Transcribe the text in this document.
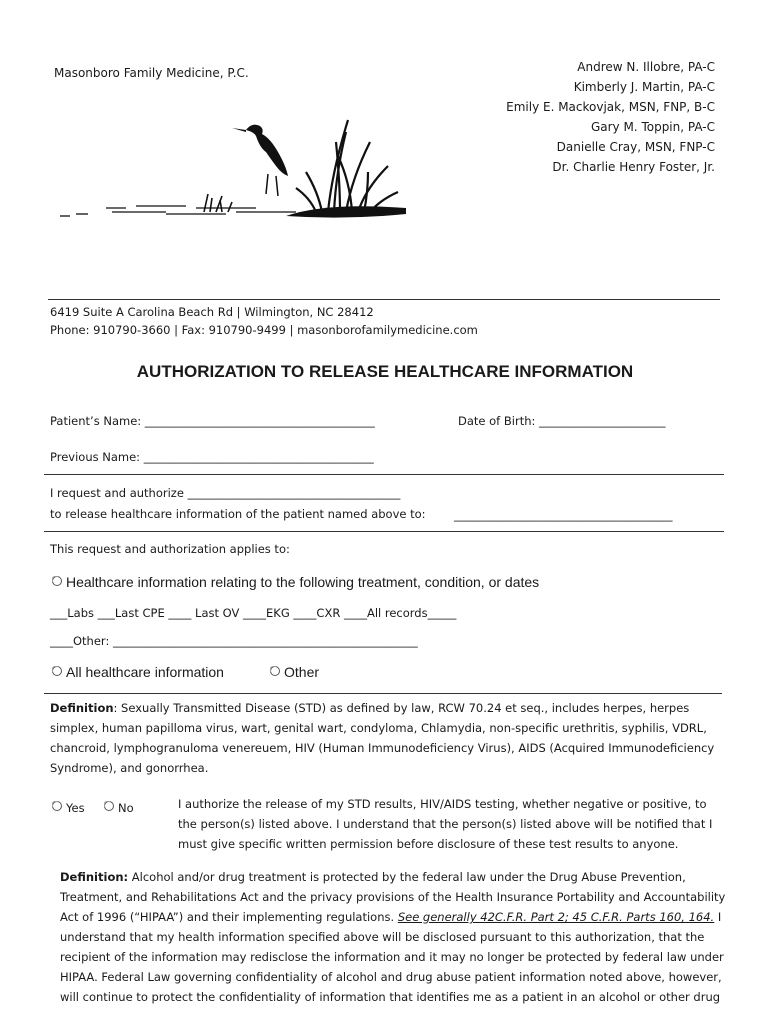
Masonboro Family Medicine, P.C.	Andrew N. Illobre, PA-C
Kimberly J. Martin, PA-C
Emily E. Mackovjak, MSN, FNP, B-C
Gary M. Toppin, PA-C
Danielle Cray, MSN, FNP-C
Dr. Charlie Henry Foster, Jr.
6419 Suite A Carolina Beach Rd | Wilmington, NC 28412
Phone: 910790-3660 | Fax: 910790-9499 | masonborofamilymedicine.com
AUTHORIZATION TO RELEASE HEALTHCARE INFORMATION
Patient’s Name: ________________________________________	Date of Birth: ______________________
Previous Name: ________________________________________
I request and authorize _____________________________________
to release healthcare information of the patient named above to: ______________________________________
This request and authorization applies to:
Healthcare information relating to the following treatment, condition, or dates
___Labs ___Last CPE ____ Last OV ____EKG ____CXR ____All records_____
____Other: _____________________________________________________
All healthcare information	Other
Definition: Sexually Transmitted Disease (STD) as defined by law, RCW 70.24 et seq., includes herpes, herpes simplex, human papilloma virus, wart, genital wart, condyloma, Chlamydia, non-specific urethritis, syphilis, VDRL, chancroid, lymphogranuloma venereuem, HIV (Human Immunodeficiency Virus), AIDS (Acquired Immunodeficiency Syndrome), and gonorrhea.
Yes	No	I authorize the release of my STD results, HIV/AIDS testing, whether negative or positive, to the person(s) listed above. I understand that the person(s) listed above will be notified that I must give specific written permission before disclosure of these test results to anyone.
Definition: Alcohol and/or drug treatment is protected by the federal law under the Drug Abuse Prevention, Treatment, and Rehabilitations Act and the privacy provisions of the Health Insurance Portability and Accountability Act of 1996 (“HIPAA”) and their implementing regulations. See generally 42C.F.R. Part 2; 45 C.F.R. Parts 160, 164. I understand that my health information specified above will be disclosed pursuant to this authorization, that the recipient of the information may redisclose the information and it may no longer be protected by federal law under HIPAA. Federal Law governing confidentiality of alcohol and drug abuse patient information noted above, however, will continue to protect the confidentiality of information that identifies me as a patient in an alcohol or other drug
